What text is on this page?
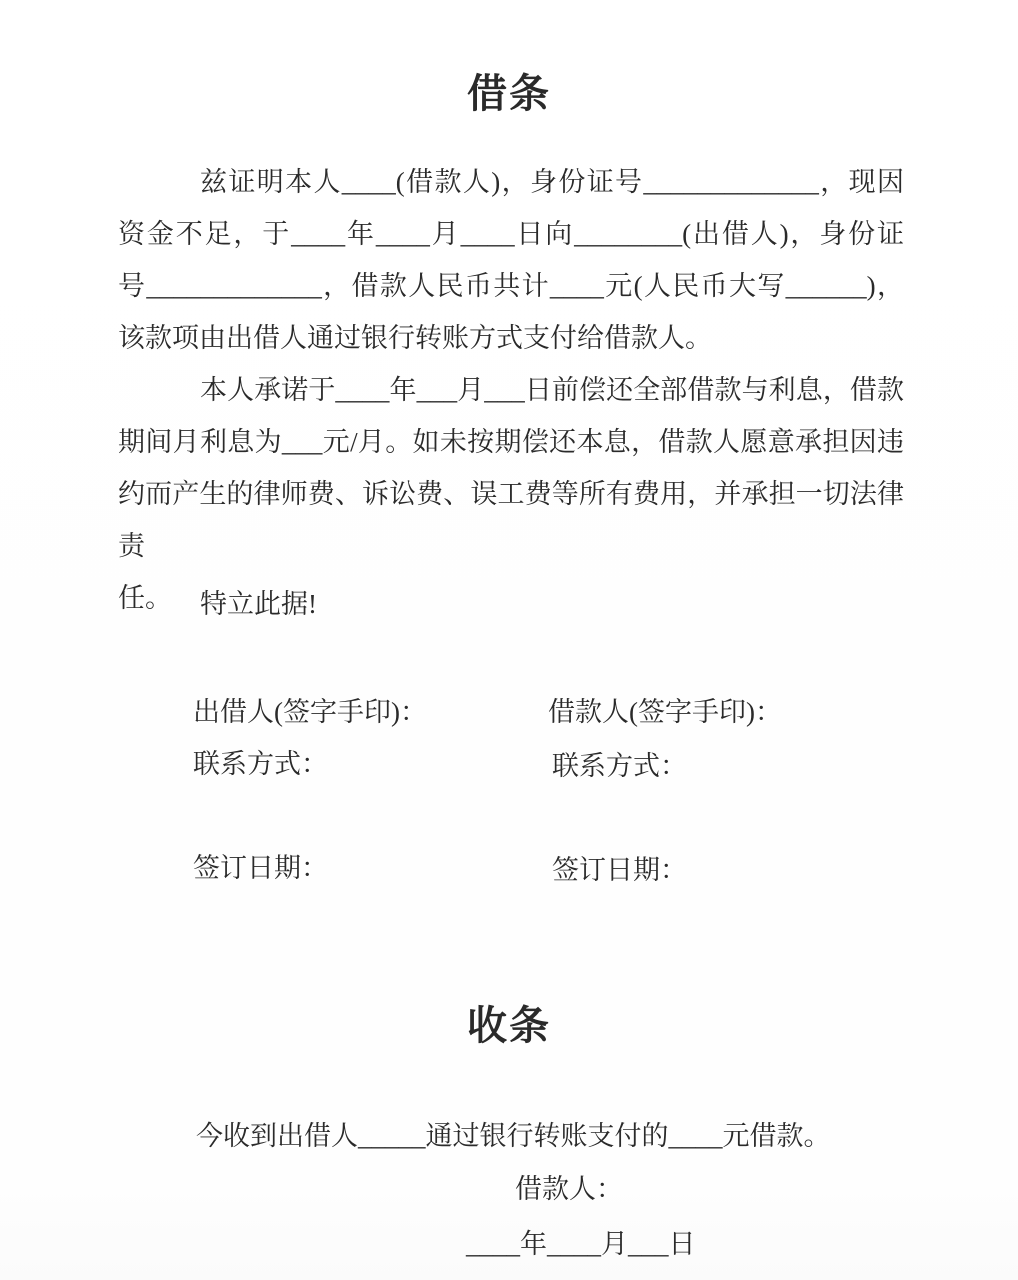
借条
兹证明本人____(借款人)，身份证号_____________，现因
资金不足，于____年____月____日向________(出借人)，身份证
号_____________，借款人民币共计____元(人民币大写______)，
该款项由出借人通过银行转账方式支付给借款人。
本人承诺于____年___月___日前偿还全部借款与利息，借款
期间月利息为___元/月。如未按期偿还本息，借款人愿意承担因违
约而产生的律师费、诉讼费、误工费等所有费用，并承担一切法律责
任。	特立此据!
出借人(签字手印)：	借款人(签字手印)：
联系方式：	联系方式：
签订日期：	签订日期：
收条
今收到出借人_____通过银行转账支付的____元借款。
借款人：
____年____月___日
